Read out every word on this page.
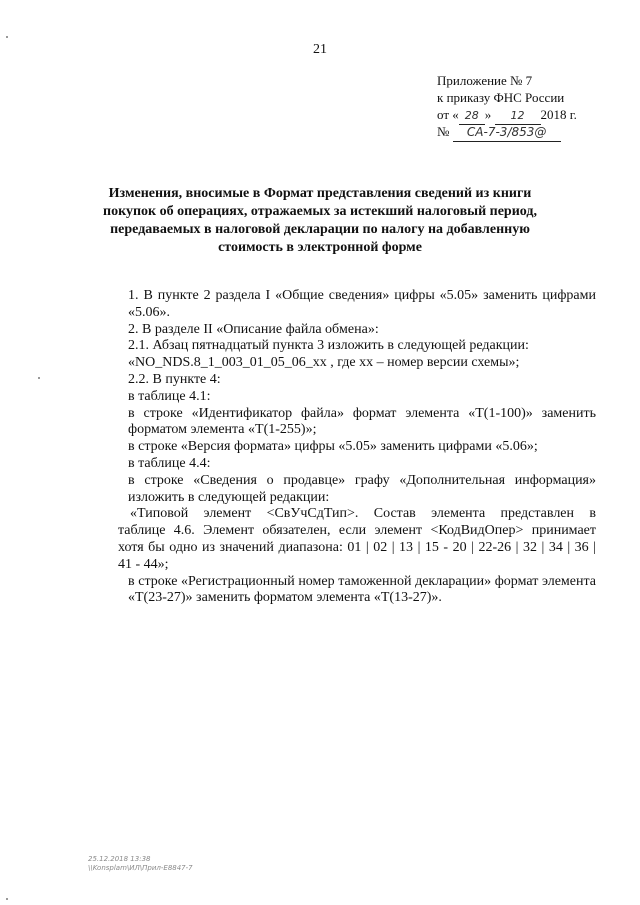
21
Приложение № 7
к приказу ФНС России
от « 28 » 12 2018 г.
№ СА-7-3/853@
Изменения, вносимые в Формат представления сведений из книги
покупок об операциях, отражаемых за истекший налоговый период,
передаваемых в налоговой декларации по налогу на добавленную
стоимость в электронной форме

1. В пункте 2 раздела I «Общие сведения» цифры «5.05» заменить цифрами «5.06».

2. В разделе II «Описание файла обмена»:

2.1. Абзац пятнадцатый пункта 3 изложить в следующей редакции:

«NO_NDS.8_1_003_01_05_06_xx , где xx – номер версии схемы»;

2.2. В пункте 4:

в таблице 4.1:

в строке «Идентификатор файла» формат элемента «T(1-100)» заменить форматом элемента «T(1-255)»;

в строке «Версия формата» цифры «5.05» заменить цифрами «5.06»;

в таблице 4.4:

в строке «Сведения о продавце» графу «Дополнительная информация» изложить в следующей редакции:

«Типовой элемент <СвУчСдТип>. Состав элемента представлен в

таблице 4.6. Элемент обязателен, если элемент <КодВидОпер> принимает

хотя бы одно из значений диапазона: 01 | 02 | 13 | 15 - 20 | 22-26 | 32 | 34 | 36 |

41 - 44»;

в строке «Регистрационный номер таможенной декларации» формат элемента «T(23-27)» заменить форматом элемента «T(13-27)».

25.12.2018 13:38
\\Konsplam\ИЛ\Прил-Е8847-7
